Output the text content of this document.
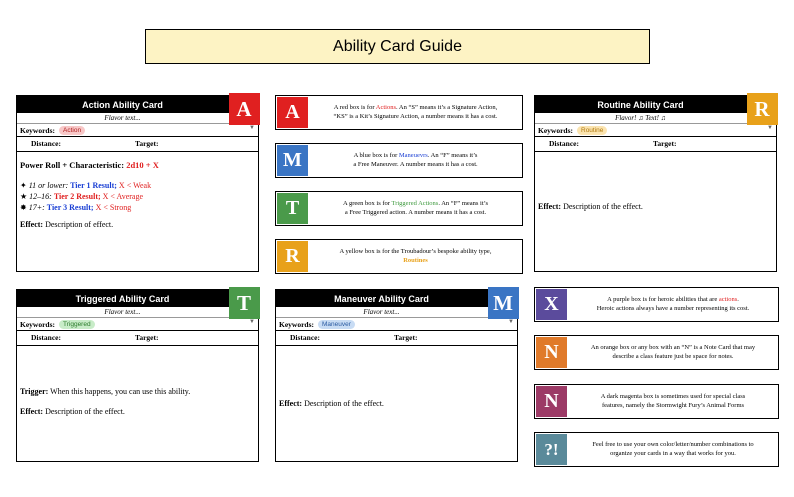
Ability Card Guide
Action Ability Card	A
Flavor text...
Keywords:	Action	▼
Distance:	Target:
Power Roll + Characteristic: 2d10 + X
✦ 11 or lower: Tier 1 Result; X < Weak
★ 12–16: Tier 2 Result; X < Average
✸ 17+: Tier 3 Result; X < Strong
Effect: Description of effect.
Routine Ability Card	R
Flavor! ♫ Text! ♫
Keywords:	Routine	▼
Distance:	Target:
Effect: Description of the effect.
Triggered Ability Card	T
Flavor text...
Keywords:	Triggered	▼
Distance:	Target:
Trigger: When this happens, you can use this ability.
Effect: Description of the effect.
Maneuver Ability Card	M
Flavor text...
Keywords:	Maneuver	▼
Distance:	Target:
Effect: Description of the effect.
A	A red box is for Actions. An “S” means it’s a Signature Action,
“KS” is a Kit’s Signature Action, a number means it has a cost.
M	A blue box is for Maneuevrs. An “F” means it’s
a Free Maneuver. A number means it has a cost.
T	A green box is for Triggered Actions. An “F” means it’s
a Free Triggered action. A number means it has a cost.
R	A yellow box is for the Troubadour’s bespoke ability type,
Routines
X	A purple box is for heroic abilities that are actions.
Heroic actions always have a number representing its cost.
N	An orange box or any box with an “N” is a Note Card that may
describe a class feature just be space for notes.
N	A dark magenta box is sometimes used for special class
features, namely the Stormwight Fury’s Animal Forms
?!	Feel free to use your own color/letter/number combinations to
organize your cards in a way that works for you.
